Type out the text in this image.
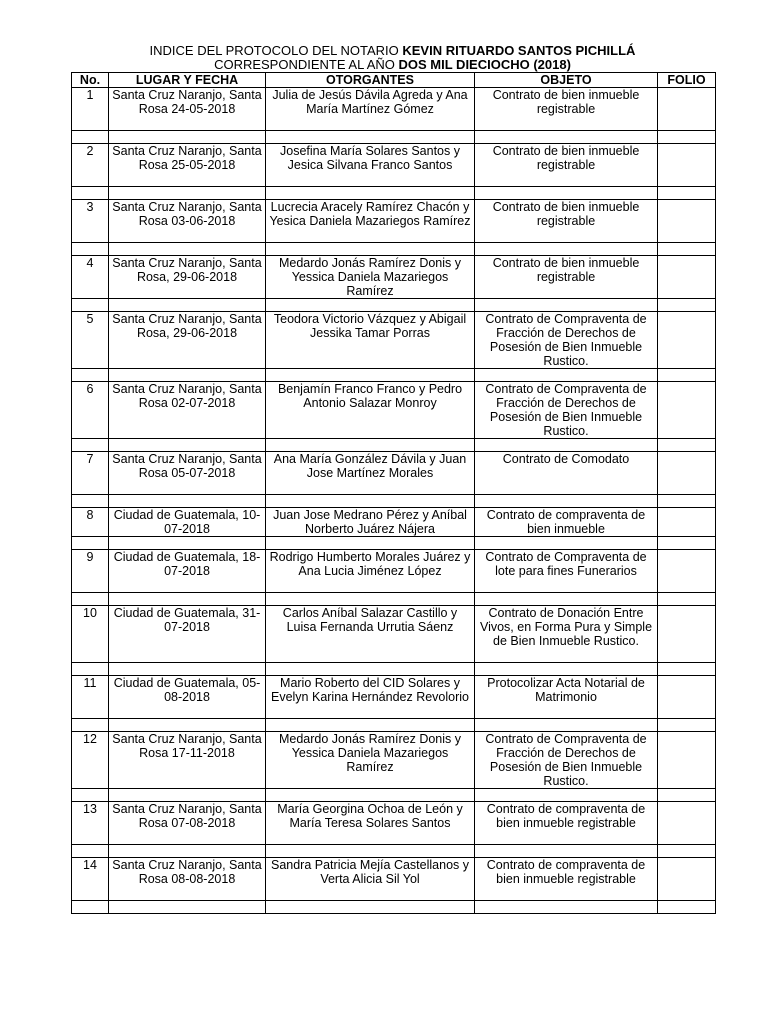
INDICE DEL PROTOCOLO DEL NOTARIO KEVIN RITUARDO SANTOS PICHILLÁ
CORRESPONDIENTE AL AÑO DOS MIL DIECIOCHO (2018)
No.	LUGAR Y FECHA	OTORGANTES	OBJETO	FOLIO
1	Santa Cruz Naranjo, Santa Rosa 24-05-2018	Julia de Jesús Dávila Agreda y Ana María Martínez Gómez	Contrato de bien inmueble registrable	

2	Santa Cruz Naranjo, Santa Rosa 25-05-2018	Josefina María Solares Santos y Jesica Silvana Franco Santos	Contrato de bien inmueble registrable	

3	Santa Cruz Naranjo, Santa Rosa 03-06-2018	Lucrecia Aracely Ramírez Chacón y Yesica Daniela Mazariegos Ramírez	Contrato de bien inmueble registrable	

4	Santa Cruz Naranjo, Santa Rosa, 29-06-2018	Medardo Jonás Ramírez Donis y Yessica Daniela Mazariegos Ramírez	Contrato de bien inmueble registrable	

5	Santa Cruz Naranjo, Santa Rosa, 29-06-2018	Teodora Victorio Vázquez y Abigail Jessika Tamar Porras	Contrato de Compraventa de Fracción de Derechos de Posesión de Bien Inmueble Rustico.	

6	Santa Cruz Naranjo, Santa Rosa 02-07-2018	Benjamín Franco Franco y Pedro Antonio Salazar Monroy	Contrato de Compraventa de Fracción de Derechos de Posesión de Bien Inmueble Rustico.	

7	Santa Cruz Naranjo, Santa Rosa 05-07-2018	Ana María González Dávila y Juan Jose Martínez Morales	Contrato de Comodato	

8	Ciudad de Guatemala, 10-07-2018	Juan Jose Medrano Pérez y Aníbal Norberto Juárez Nájera	Contrato de compraventa de bien inmueble	

9	Ciudad de Guatemala, 18-07-2018	Rodrigo Humberto Morales Juárez y Ana Lucia Jiménez López	Contrato de Compraventa de lote para fines Funerarios	

10	Ciudad de Guatemala, 31-07-2018	Carlos Aníbal Salazar Castillo y Luisa Fernanda Urrutia Sáenz	Contrato de Donación Entre Vivos, en Forma Pura y Simple de Bien Inmueble Rustico.	

11	Ciudad de Guatemala, 05-08-2018	Mario Roberto del CID Solares y Evelyn Karina Hernández Revolorio	Protocolizar Acta Notarial de Matrimonio	

12	Santa Cruz Naranjo, Santa Rosa 17-11-2018	Medardo Jonás Ramírez Donis y Yessica Daniela Mazariegos Ramírez	Contrato de Compraventa de Fracción de Derechos de Posesión de Bien Inmueble Rustico.	

13	Santa Cruz Naranjo, Santa Rosa 07-08-2018	María Georgina Ochoa de León y María Teresa Solares Santos	Contrato de compraventa de bien inmueble registrable	

14	Santa Cruz Naranjo, Santa Rosa 08-08-2018	Sandra Patricia Mejía Castellanos y Verta Alicia Sil Yol	Contrato de compraventa de bien inmueble registrable	
